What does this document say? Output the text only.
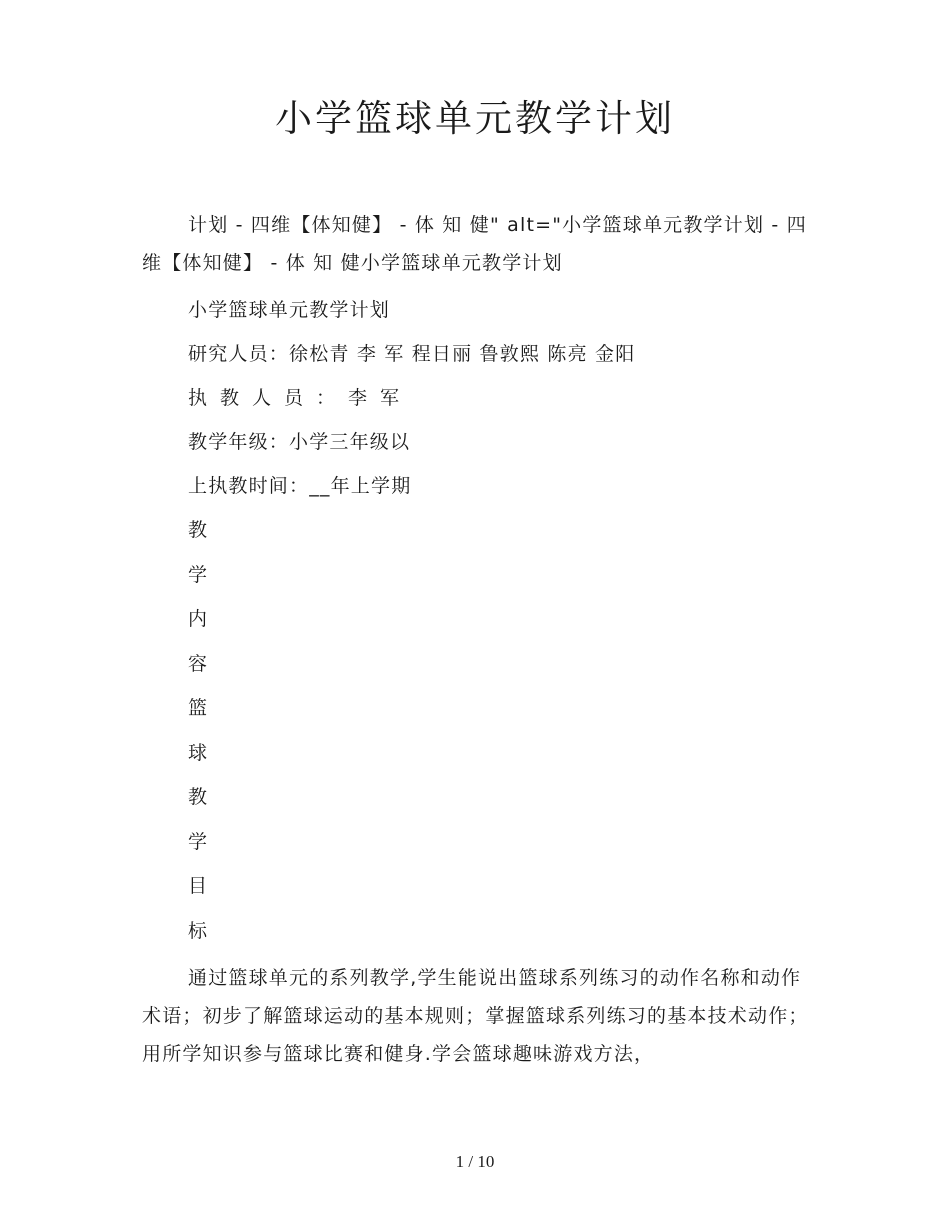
小学篮球单元教学计划

计划 - 四维【体知健】 - 体 知 健" alt="小学篮球单元教学计划 - 四维【体知健】 - 体 知 健小学篮球单元教学计划

小学篮球单元教学计划

研究人员：徐松青 李 军 程日丽 鲁敦熙 陈亮 金阳

执教人员：李军

教学年级：小学三年级以

上执教时间：__年上学期

教

学

内

容

篮

球

教

学

目

标

通过篮球单元的系列教学,学生能说出篮球系列练习的动作名称和动作术语；初步了解篮球运动的基本规则；掌握篮球系列练习的基本技术动作；用所学知识参与篮球比赛和健身.学会篮球趣味游戏方法，

1 / 10
